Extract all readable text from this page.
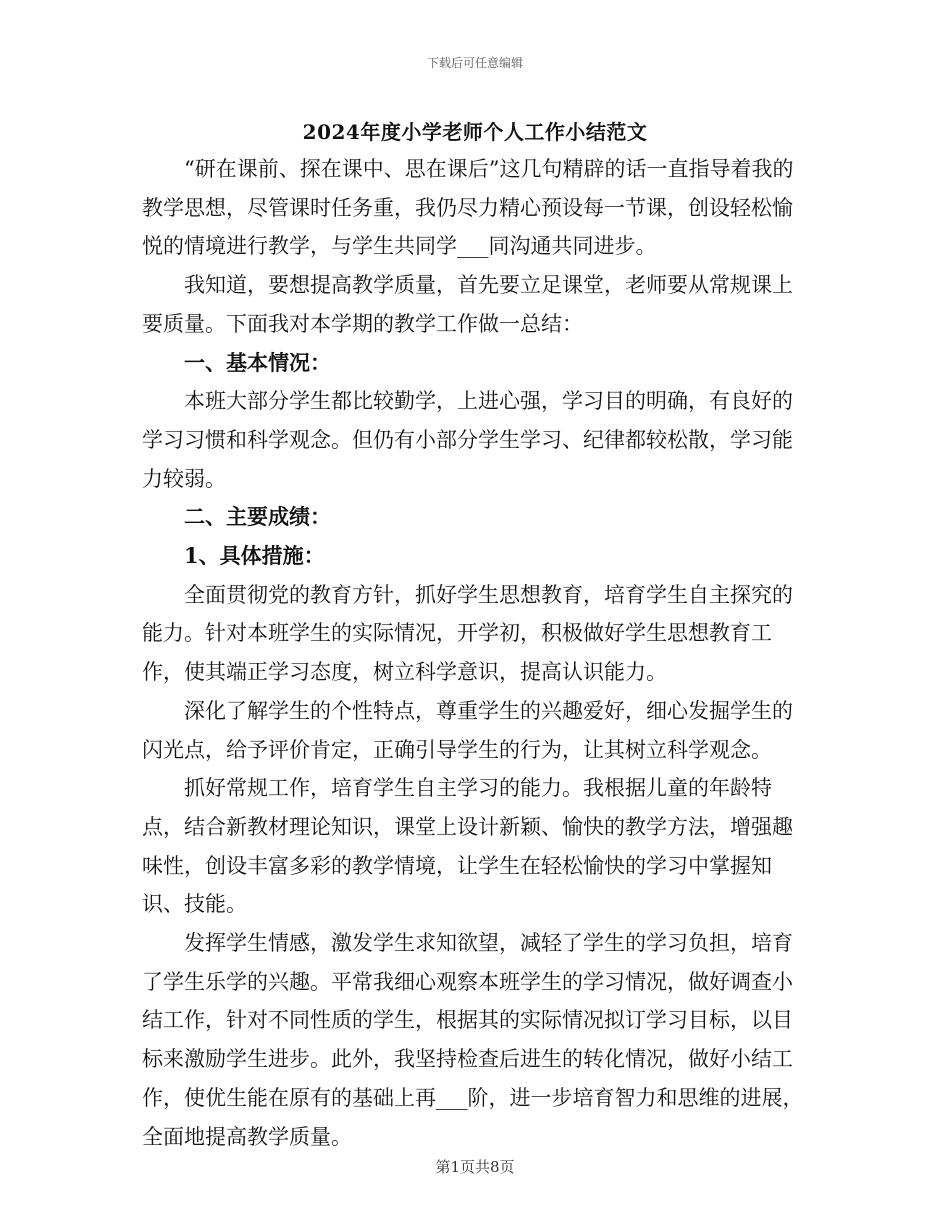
下载后可任意编辑
2024年度小学老师个人工作小结范文

“研在课前、探在课中、思在课后”这几句精辟的话一直指导着我的教学思想，尽管课时任务重，我仍尽力精心预设每一节课，创设轻松愉悦的情境进行教学，与学生共同学___同沟通共同进步。

我知道，要想提高教学质量，首先要立足课堂，老师要从常规课上要质量。下面我对本学期的教学工作做一总结：

一、基本情况：

本班大部分学生都比较勤学，上进心强，学习目的明确，有良好的学习习惯和科学观念。但仍有小部分学生学习、纪律都较松散，学习能力较弱。

二、主要成绩：

1、具体措施：

全面贯彻党的教育方针，抓好学生思想教育，培育学生自主探究的能力。针对本班学生的实际情况，开学初，积极做好学生思想教育工作，使其端正学习态度，树立科学意识，提高认识能力。

深化了解学生的个性特点，尊重学生的兴趣爱好，细心发掘学生的闪光点，给予评价肯定，正确引导学生的行为，让其树立科学观念。

抓好常规工作，培育学生自主学习的能力。我根据儿童的年龄特点，结合新教材理论知识，课堂上设计新颖、愉快的教学方法，增强趣味性，创设丰富多彩的教学情境，让学生在轻松愉快的学习中掌握知识、技能。

发挥学生情感，激发学生求知欲望，减轻了学生的学习负担，培育了学生乐学的兴趣。平常我细心观察本班学生的学习情况，做好调查小结工作，针对不同性质的学生，根据其的实际情况拟订学习目标，以目标来激励学生进步。此外，我坚持检查后进生的转化情况，做好小结工作，使优生能在原有的基础上再___阶，进一步培育智力和思维的进展，全面地提高教学质量。

第1页共8页
